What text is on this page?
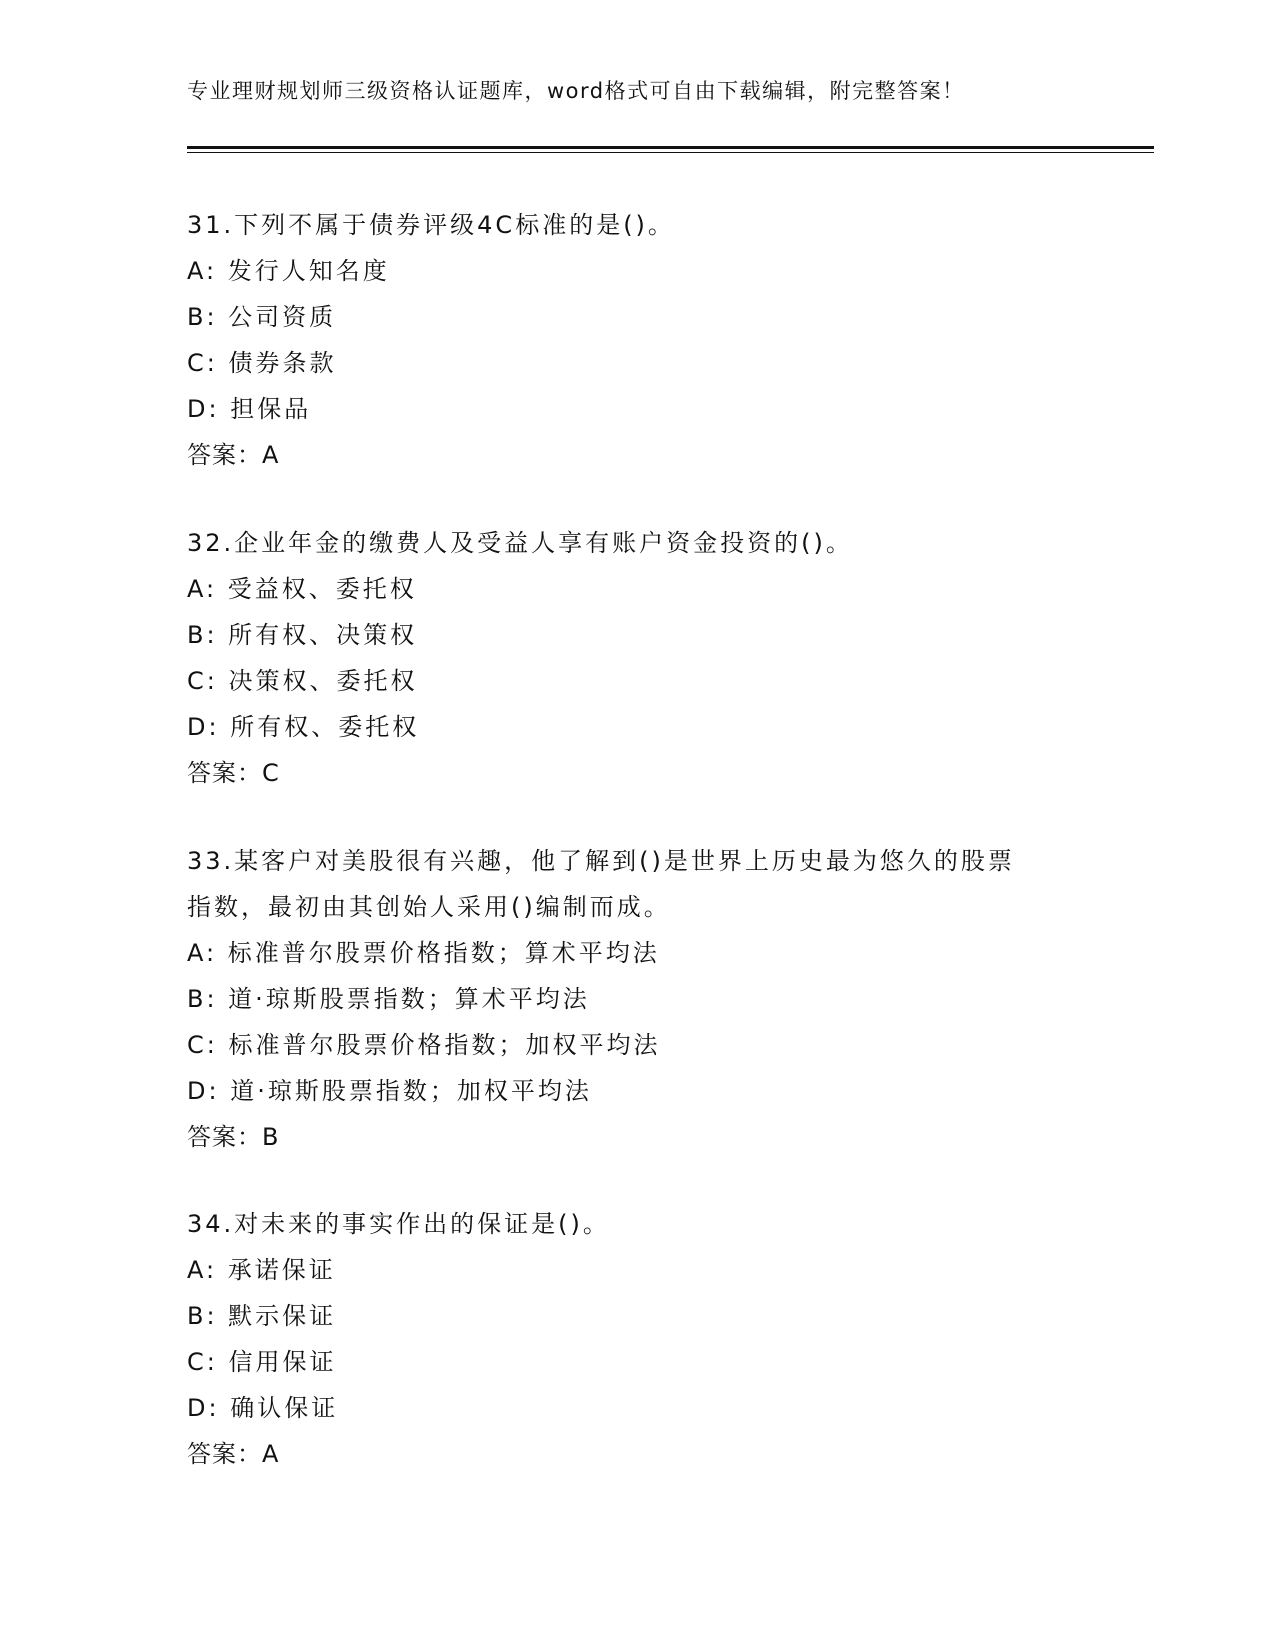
专业理财规划师三级资格认证题库，word格式可自由下载编辑，附完整答案！
31.下列不属于债券评级4C标准的是()。
A: 发行人知名度
B: 公司资质
C: 债券条款
D: 担保品
答案：A
32.企业年金的缴费人及受益人享有账户资金投资的()。
A: 受益权、委托权
B: 所有权、决策权
C: 决策权、委托权
D: 所有权、委托权
答案：C
33.某客户对美股很有兴趣，他了解到()是世界上历史最为悠久的股票
指数，最初由其创始人采用()编制而成。
A: 标准普尔股票价格指数；算术平均法
B: 道·琼斯股票指数；算术平均法
C: 标准普尔股票价格指数；加权平均法
D: 道·琼斯股票指数；加权平均法
答案：B
34.对未来的事实作出的保证是()。
A: 承诺保证
B: 默示保证
C: 信用保证
D: 确认保证
答案：A
